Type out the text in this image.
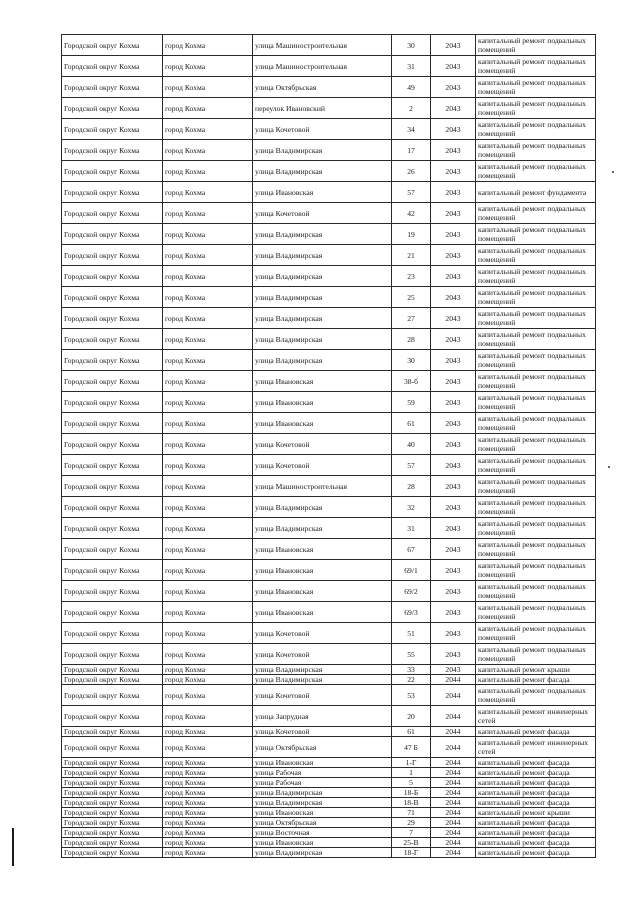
Городской округ Кохма	город Кохма	улица Машиностроительная	30	2043	капитальный ремонт подвальных помещений
Городской округ Кохма	город Кохма	улица Машиностроительная	31	2043	капитальный ремонт подвальных помещений
Городской округ Кохма	город Кохма	улица Октябрьская	49	2043	капитальный ремонт подвальных помещений
Городской округ Кохма	город Кохма	переулок Ивановский	2	2043	капитальный ремонт подвальных помещений
Городской округ Кохма	город Кохма	улица Кочетовой	34	2043	капитальный ремонт подвальных помещений
Городской округ Кохма	город Кохма	улица Владимирская	17	2043	капитальный ремонт подвальных помещений
Городской округ Кохма	город Кохма	улица Владимирская	26	2043	капитальный ремонт подвальных помещений
Городской округ Кохма	город Кохма	улица Ивановская	57	2043	капитальный ремонт фундамента
Городской округ Кохма	город Кохма	улица Кочетовой	42	2043	капитальный ремонт подвальных помещений
Городской округ Кохма	город Кохма	улица Владимирская	19	2043	капитальный ремонт подвальных помещений
Городской округ Кохма	город Кохма	улица Владимирская	21	2043	капитальный ремонт подвальных помещений
Городской округ Кохма	город Кохма	улица Владимирская	23	2043	капитальный ремонт подвальных помещений
Городской округ Кохма	город Кохма	улица Владимирская	25	2043	капитальный ремонт подвальных помещений
Городской округ Кохма	город Кохма	улица Владимирская	27	2043	капитальный ремонт подвальных помещений
Городской округ Кохма	город Кохма	улица Владимирская	28	2043	капитальный ремонт подвальных помещений
Городской округ Кохма	город Кохма	улица Владимирская	30	2043	капитальный ремонт подвальных помещений
Городской округ Кохма	город Кохма	улица Ивановская	38-б	2043	капитальный ремонт подвальных помещений
Городской округ Кохма	город Кохма	улица Ивановская	59	2043	капитальный ремонт подвальных помещений
Городской округ Кохма	город Кохма	улица Ивановская	61	2043	капитальный ремонт подвальных помещений
Городской округ Кохма	город Кохма	улица Кочетовой	40	2043	капитальный ремонт подвальных помещений
Городской округ Кохма	город Кохма	улица Кочетовой	57	2043	капитальный ремонт подвальных помещений
Городской округ Кохма	город Кохма	улица Машиностроительная	28	2043	капитальный ремонт подвальных помещений
Городской округ Кохма	город Кохма	улица Владимирская	32	2043	капитальный ремонт подвальных помещений
Городской округ Кохма	город Кохма	улица Владимирская	31	2043	капитальный ремонт подвальных помещений
Городской округ Кохма	город Кохма	улица Ивановская	67	2043	капитальный ремонт подвальных помещений
Городской округ Кохма	город Кохма	улица Ивановская	69/1	2043	капитальный ремонт подвальных помещений
Городской округ Кохма	город Кохма	улица Ивановская	69/2	2043	капитальный ремонт подвальных помещений
Городской округ Кохма	город Кохма	улица Ивановская	69/3	2043	капитальный ремонт подвальных помещений
Городской округ Кохма	город Кохма	улица Кочетовой	51	2043	капитальный ремонт подвальных помещений
Городской округ Кохма	город Кохма	улица Кочетовой	55	2043	капитальный ремонт подвальных помещений
Городской округ Кохма	город Кохма	улица Владимирская	33	2043	капитальный ремонт крыши
Городской округ Кохма	город Кохма	улица Владимирская	22	2044	капитальный ремонт фасада
Городской округ Кохма	город Кохма	улица Кочетовой	53	2044	капитальный ремонт подвальных помещений
Городской округ Кохма	город Кохма	улица Запрудная	20	2044	капитальный ремонт инженерных сетей
Городской округ Кохма	город Кохма	улица Кочетовой	61	2044	капитальный ремонт фасада
Городской округ Кохма	город Кохма	улица Октябрьская	47 Б	2044	капитальный ремонт инженерных сетей
Городской округ Кохма	город Кохма	улица Ивановская	1-Г	2044	капитальный ремонт фасада
Городской округ Кохма	город Кохма	улица Рабочая	1	2044	капитальный ремонт фасада
Городской округ Кохма	город Кохма	улица Рабочая	5	2044	капитальный ремонт фасада
Городской округ Кохма	город Кохма	улица Владимирская	18-Б	2044	капитальный ремонт фасада
Городской округ Кохма	город Кохма	улица Владимирская	18-В	2044	капитальный ремонт фасада
Городской округ Кохма	город Кохма	улица Ивановская	71	2044	капитальный ремонт крыши
Городской округ Кохма	город Кохма	улица Октябрьская	29	2044	капитальный ремонт фасада
Городской округ Кохма	город Кохма	улица Восточная	7	2044	капитальный ремонт фасада
Городской округ Кохма	город Кохма	улица Ивановская	25-В	2044	капитальный ремонт фасада
Городской округ Кохма	город Кохма	улица Владимирская	18-Г	2044	капитальный ремонт фасада
